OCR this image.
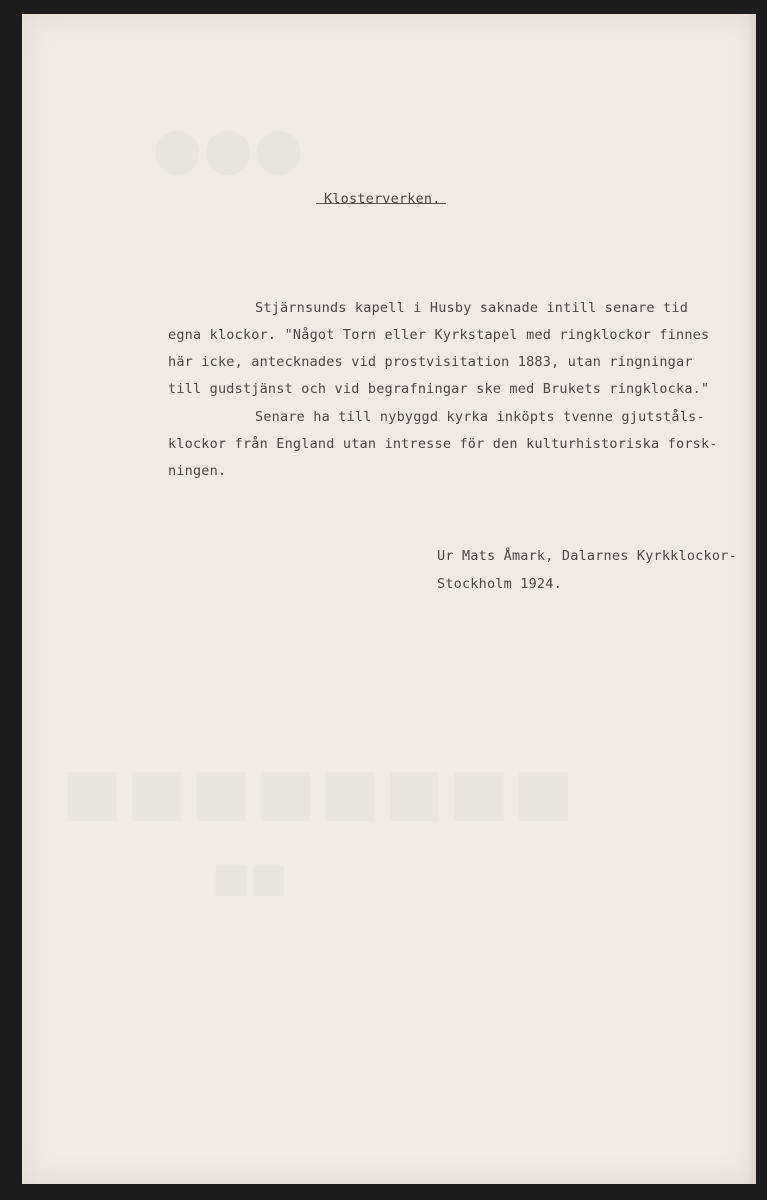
●●●
■■■■■■■■
■■
Klosterverken.
Stjärnsunds kapell i Husby saknade intill senare tid
egna klockor. "Något Torn eller Kyrkstapel med ringklockor finnes
här icke, antecknades vid prostvisitation 1883, utan ringningar
till gudstjänst och vid begrafningar ske med Brukets ringklocka."
Senare ha till nybyggd kyrka inköpts tvenne gjutståls-
klockor från England utan intresse för den kulturhistoriska forsk-
ningen.
Ur Mats Åmark, Dalarnes Kyrkklockor-
Stockholm 1924.
